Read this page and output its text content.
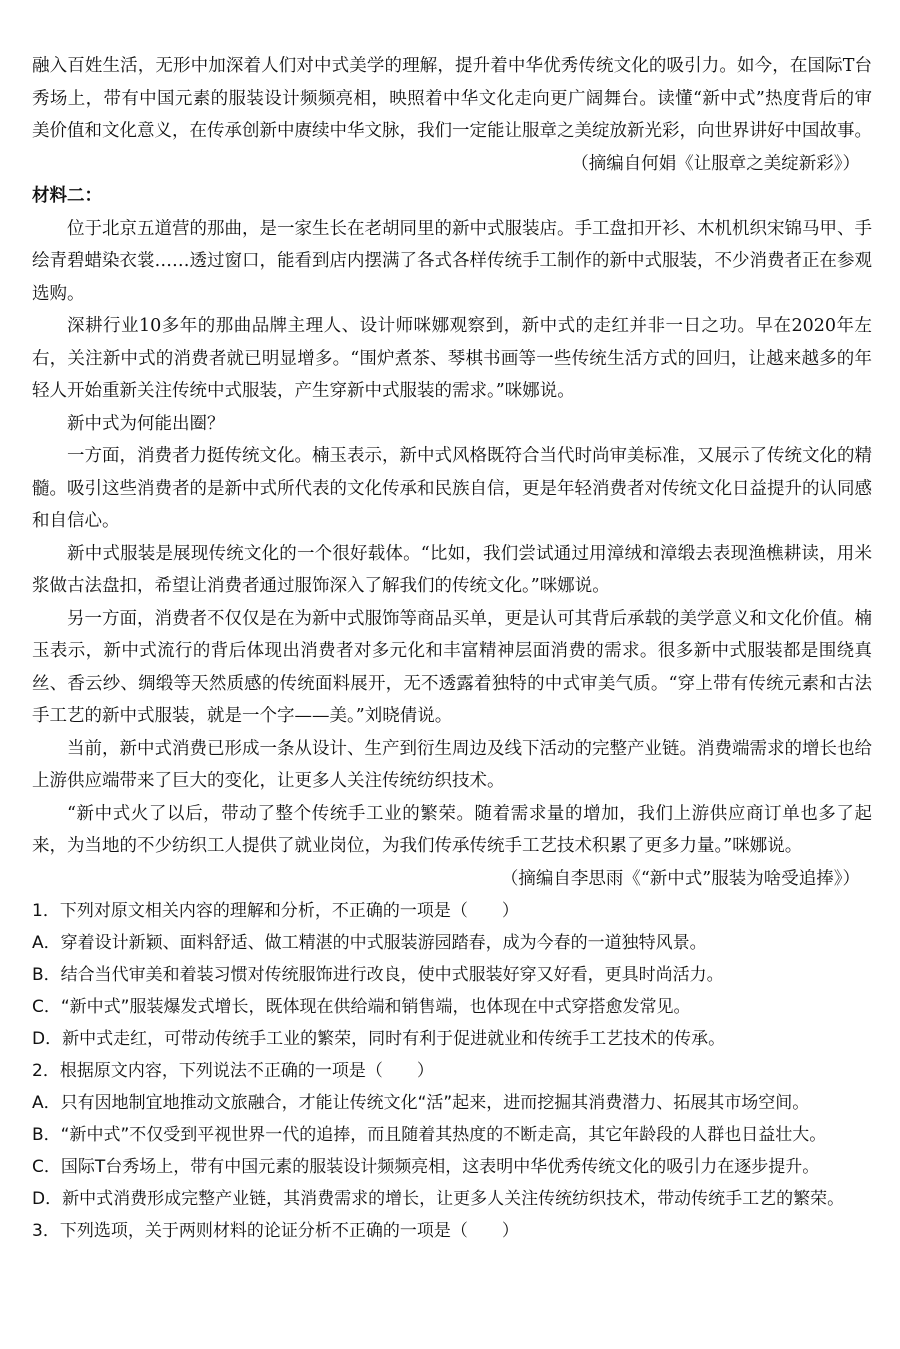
融入百姓生活，无形中加深着人们对中式美学的理解，提升着中华优秀传统文化的吸引力。如今，在国际T台秀场上，带有中国元素的服装设计频频亮相，映照着中华文化走向更广阔舞台。读懂“新中式”热度背后的审美价值和文化意义，在传承创新中赓续中华文脉，我们一定能让服章之美绽放新光彩，向世界讲好中国故事。

（摘编自何娟《让服章之美绽新彩》）

材料二：

位于北京五道营的那曲，是一家生长在老胡同里的新中式服装店。手工盘扣开衫、木机机织宋锦马甲、手绘青碧蜡染衣裳……透过窗口，能看到店内摆满了各式各样传统手工制作的新中式服装，不少消费者正在参观选购。

深耕行业10多年的那曲品牌主理人、设计师咪娜观察到，新中式的走红并非一日之功。早在2020年左右，关注新中式的消费者就已明显增多。“围炉煮茶、琴棋书画等一些传统生活方式的回归，让越来越多的年轻人开始重新关注传统中式服装，产生穿新中式服装的需求。”咪娜说。

新中式为何能出圈？

一方面，消费者力挺传统文化。楠玉表示，新中式风格既符合当代时尚审美标准，又展示了传统文化的精髓。吸引这些消费者的是新中式所代表的文化传承和民族自信，更是年轻消费者对传统文化日益提升的认同感和自信心。

新中式服装是展现传统文化的一个很好载体。“比如，我们尝试通过用漳绒和漳缎去表现渔樵耕读，用米浆做古法盘扣，希望让消费者通过服饰深入了解我们的传统文化。”咪娜说。

另一方面，消费者不仅仅是在为新中式服饰等商品买单，更是认可其背后承载的美学意义和文化价值。楠玉表示，新中式流行的背后体现出消费者对多元化和丰富精神层面消费的需求。很多新中式服装都是围绕真丝、香云纱、绸缎等天然质感的传统面料展开，无不透露着独特的中式审美气质。“穿上带有传统元素和古法手工艺的新中式服装，就是一个字——美。”刘晓倩说。

当前，新中式消费已形成一条从设计、生产到衍生周边及线下活动的完整产业链。消费端需求的增长也给上游供应端带来了巨大的变化，让更多人关注传统纺织技术。

“新中式火了以后，带动了整个传统手工业的繁荣。随着需求量的增加，我们上游供应商订单也多了起来，为当地的不少纺织工人提供了就业岗位，为我们传承传统手工艺技术积累了更多力量。”咪娜说。

（摘编自李思雨《“新中式”服装为啥受追捧》）

1．下列对原文相关内容的理解和分析，不正确的一项是（　　）

A．穿着设计新颖、面料舒适、做工精湛的中式服装游园踏春，成为今春的一道独特风景。

B．结合当代审美和着装习惯对传统服饰进行改良，使中式服装好穿又好看，更具时尚活力。

C．“新中式”服装爆发式增长，既体现在供给端和销售端，也体现在中式穿搭愈发常见。

D．新中式走红，可带动传统手工业的繁荣，同时有利于促进就业和传统手工艺技术的传承。

2．根据原文内容，下列说法不正确的一项是（　　）

A．只有因地制宜地推动文旅融合，才能让传统文化“活”起来，进而挖掘其消费潜力、拓展其市场空间。

B．“新中式”不仅受到平视世界一代的追捧，而且随着其热度的不断走高，其它年龄段的人群也日益壮大。

C．国际T台秀场上，带有中国元素的服装设计频频亮相，这表明中华优秀传统文化的吸引力在逐步提升。

D．新中式消费形成完整产业链，其消费需求的增长，让更多人关注传统纺织技术，带动传统手工艺的繁荣。

3．下列选项，关于两则材料的论证分析不正确的一项是（　　）
